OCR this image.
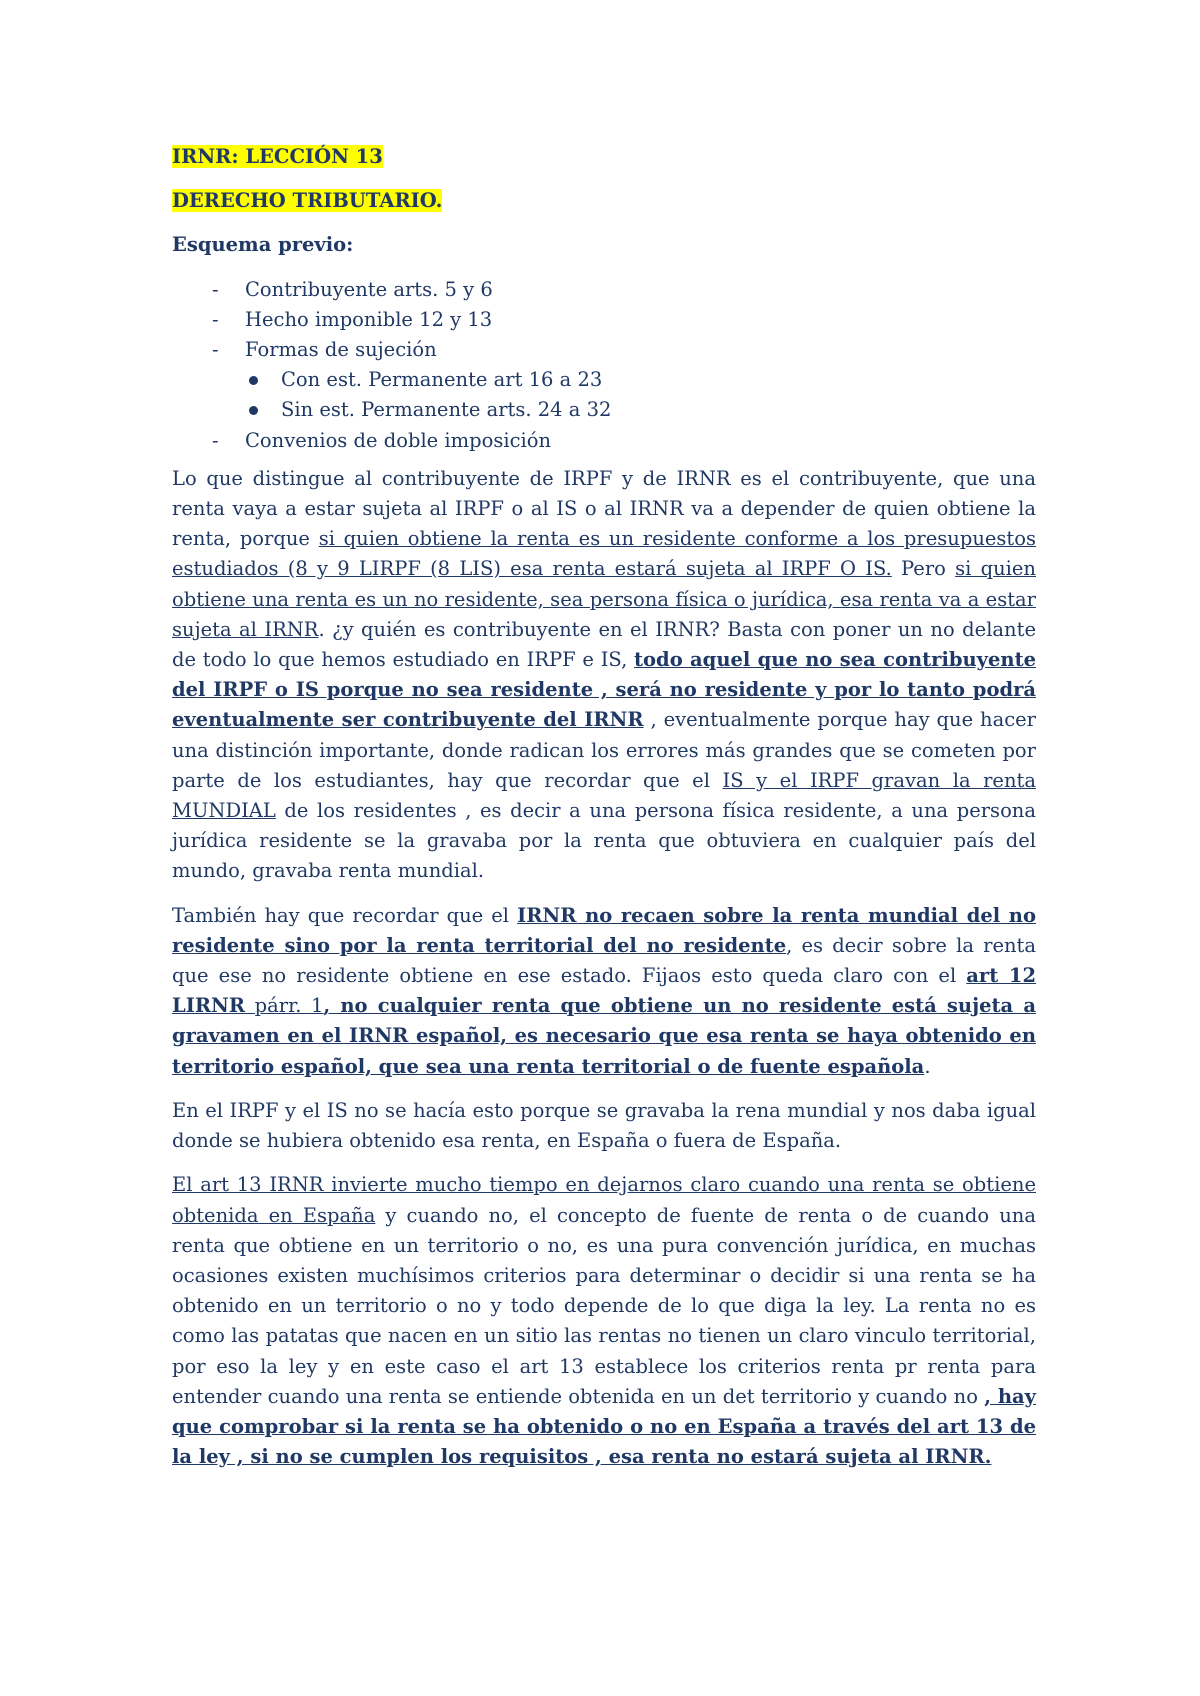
IRNR: LECCIÓN 13
DERECHO TRIBUTARIO.
Esquema previo:
- Contribuyente arts. 5 y 6
- Hecho imponible 12 y 13
- Formas de sujeción
Con est. Permanente art 16 a 23
Sin est. Permanente arts. 24 a 32
- Convenios de doble imposición

Lo que distingue al contribuyente de IRPF y de IRNR es el contribuyente, que una renta vaya a estar sujeta al IRPF o al IS o al IRNR va a depender de quien obtiene la renta, porque si quien obtiene la renta es un residente conforme a los presupuestos estudiados (8 y 9 LIRPF (8 LIS) esa renta estará sujeta al IRPF O IS. Pero si quien obtiene una renta es un no residente, sea persona física o jurídica, esa renta va a estar sujeta al IRNR. ¿y quién es contribuyente en el IRNR? Basta con poner un no delante de todo lo que hemos estudiado en IRPF e IS, todo aquel que no sea contribuyente del IRPF o IS porque no sea residente , será no residente y por lo tanto podrá eventualmente ser contribuyente del IRNR , eventualmente porque hay que hacer una distinción importante, donde radican los errores más grandes que se cometen por parte de los estudiantes, hay que recordar que el IS y el IRPF gravan la renta MUNDIAL de los residentes , es decir a una persona física residente, a una persona jurídica residente se la gravaba por la renta que obtuviera en cualquier país del mundo, gravaba renta mundial.

También hay que recordar que el IRNR no recaen sobre la renta mundial del no residente sino por la renta territorial del no residente, es decir sobre la renta que ese no residente obtiene en ese estado. Fijaos esto queda claro con el art 12 LIRNR párr. 1, no cualquier renta que obtiene un no residente está sujeta a gravamen en el IRNR español, es necesario que esa renta se haya obtenido en territorio español, que sea una renta territorial o de fuente española.

En el IRPF y el IS no se hacía esto porque se gravaba la rena mundial y nos daba igual donde se hubiera obtenido esa renta, en España o fuera de España.

El art 13 IRNR invierte mucho tiempo en dejarnos claro cuando una renta se obtiene obtenida en España y cuando no, el concepto de fuente de renta o de cuando una renta que obtiene en un territorio o no, es una pura convención jurídica, en muchas ocasiones existen muchísimos criterios para determinar o decidir si una renta se ha obtenido en un territorio o no y todo depende de lo que diga la ley. La renta no es como las patatas que nacen en un sitio las rentas no tienen un claro vinculo territorial, por eso la ley y en este caso el art 13 establece los criterios renta pr renta para entender cuando una renta se entiende obtenida en un det territorio y cuando no , hay que comprobar si la renta se ha obtenido o no en España a través del art 13 de la ley , si no se cumplen los requisitos , esa renta no estará sujeta al IRNR.
